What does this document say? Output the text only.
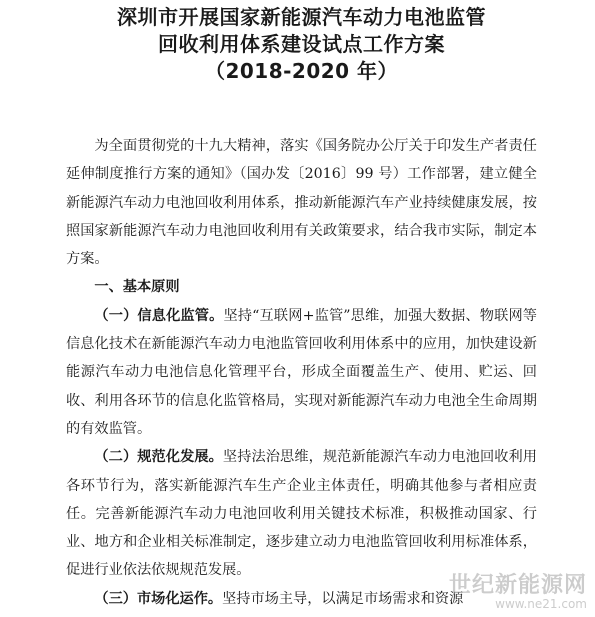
深圳市开展国家新能源汽车动力电池监管
回收利用体系建设试点工作方案
（2018-2020 年）

为全面贯彻党的十九大精神，落实《国务院办公厅关于印发生产者责任延伸制度推行方案的通知》（国办发〔2016〕99 号）工作部署，建立健全新能源汽车动力电池回收利用体系，推动新能源汽车产业持续健康发展，按照国家新能源汽车动力电池回收利用有关政策要求，结合我市实际，制定本方案。

一、基本原则

（一）信息化监管。坚持“互联网+监管”思维，加强大数据、物联网等信息化技术在新能源汽车动力电池监管回收利用体系中的应用，加快建设新能源汽车动力电池信息化管理平台，形成全面覆盖生产、使用、贮运、回收、利用各环节的信息化监管格局，实现对新能源汽车动力电池全生命周期的有效监管。

（二）规范化发展。坚持法治思维，规范新能源汽车动力电池回收利用各环节行为，落实新能源汽车生产企业主体责任，明确其他参与者相应责任。完善新能源汽车动力电池回收利用关键技术标准，积极推动国家、行业、地方和企业相关标准制定，逐步建立动力电池监管回收利用标准体系，促进行业依法依规规范发展。

（三）市场化运作。坚持市场主导，以满足市场需求和资源

世纪新能源网
www.ne21.com
